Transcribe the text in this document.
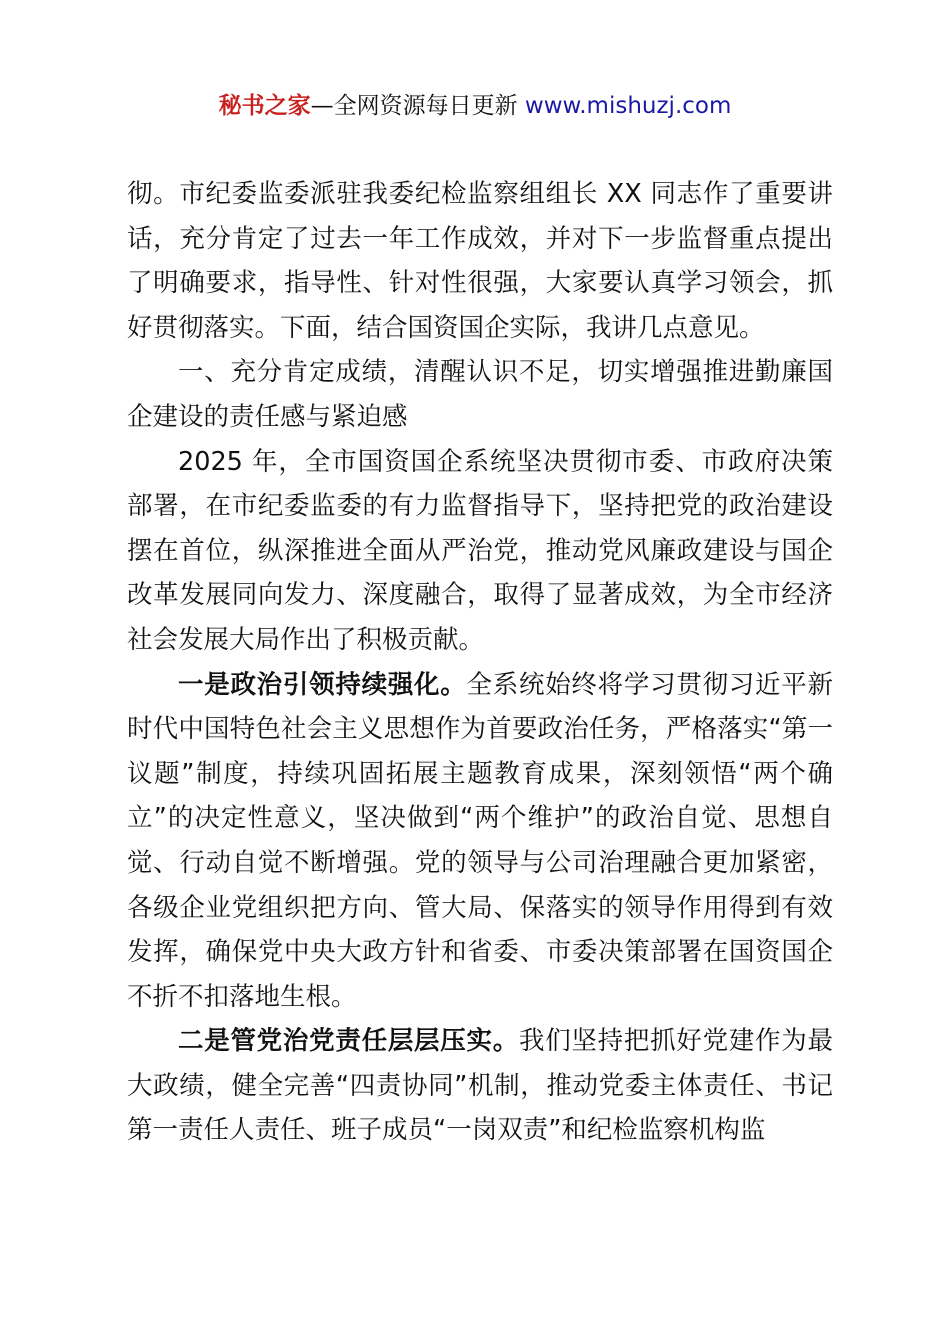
秘书之家—全网资源每日更新 www.mishuzj.com

彻。市纪委监委派驻我委纪检监察组组长 XX 同志作了重要讲话，充分肯定了过去一年工作成效，并对下一步监督重点提出了明确要求，指导性、针对性很强，大家要认真学习领会，抓好贯彻落实。下面，结合国资国企实际，我讲几点意见。

一、充分肯定成绩，清醒认识不足，切实增强推进勤廉国企建设的责任感与紧迫感

2025 年，全市国资国企系统坚决贯彻市委、市政府决策部署，在市纪委监委的有力监督指导下，坚持把党的政治建设摆在首位，纵深推进全面从严治党，推动党风廉政建设与国企改革发展同向发力、深度融合，取得了显著成效，为全市经济社会发展大局作出了积极贡献。

一是政治引领持续强化。全系统始终将学习贯彻习近平新时代中国特色社会主义思想作为首要政治任务，严格落实“第一议题”制度，持续巩固拓展主题教育成果，深刻领悟“两个确立”的决定性意义，坚决做到“两个维护”的政治自觉、思想自觉、行动自觉不断增强。党的领导与公司治理融合更加紧密，各级企业党组织把方向、管大局、保落实的领导作用得到有效发挥，确保党中央大政方针和省委、市委决策部署在国资国企不折不扣落地生根。

二是管党治党责任层层压实。我们坚持把抓好党建作为最大政绩，健全完善“四责协同”机制，推动党委主体责任、书记第一责任人责任、班子成员“一岗双责”和纪检监察机构监
